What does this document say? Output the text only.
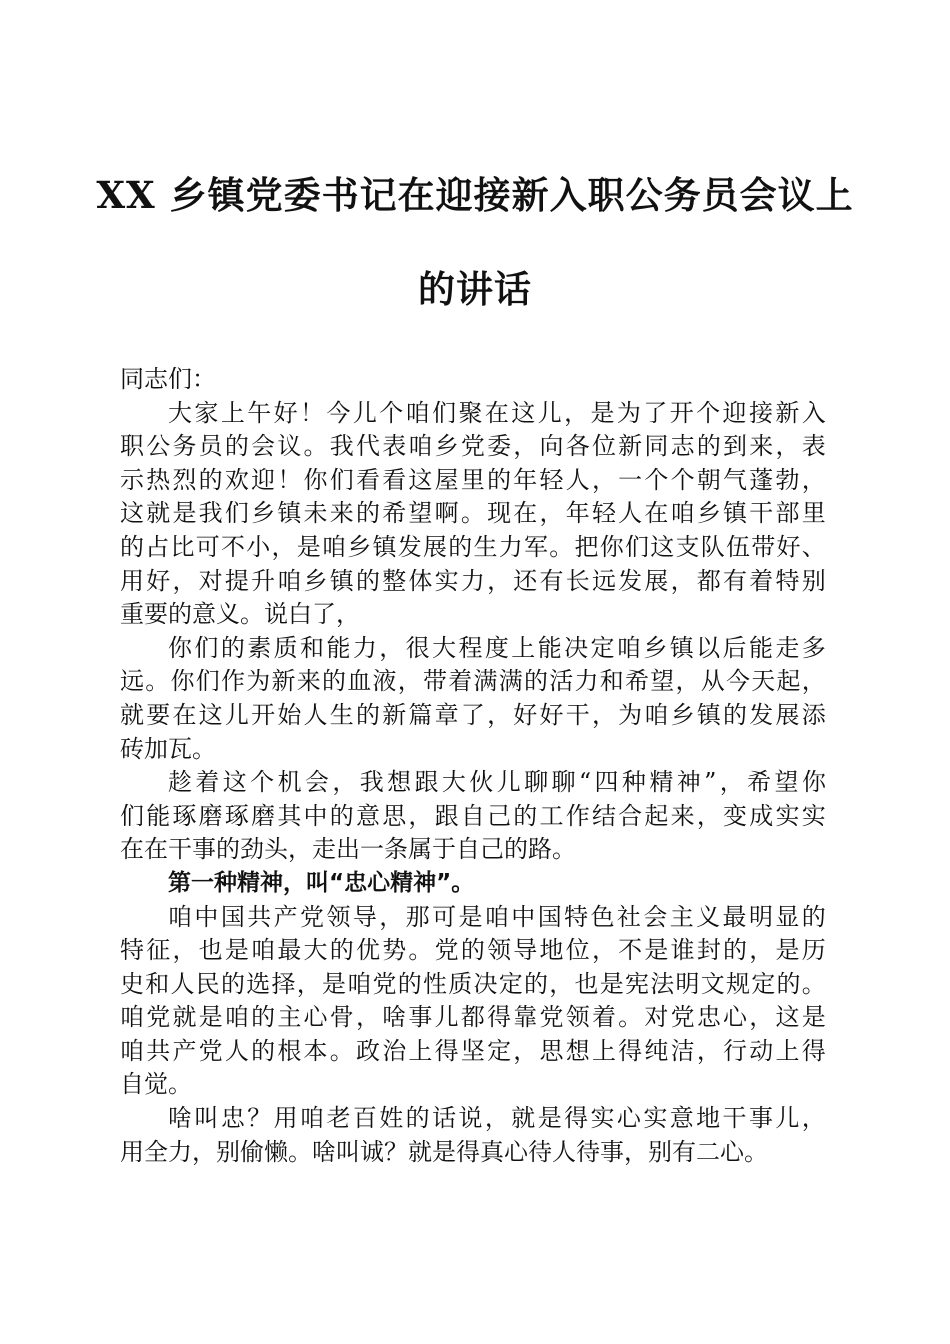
XX 乡镇党委书记在迎接新入职公务员会议上
的讲话
同志们：
大 家 上 午 好 ！ 今 儿 个 咱 们 聚 在 这 儿 ， 是 为 了 开 个 迎 接 新 入
职 公 务 员 的 会 议 。 我 代 表 咱 乡 党 委 ， 向 各 位 新 同 志 的 到 来 ， 表
示 热 烈 的 欢 迎 ！ 你 们 看 看 这 屋 里 的 年 轻 人 ， 一 个 个 朝 气 蓬 勃 ，
这 就 是 我 们 乡 镇 未 来 的 希 望 啊 。 现 在 ， 年 轻 人 在 咱 乡 镇 干 部 里
的 占 比 可 不 小 ， 是 咱 乡 镇 发 展 的 生 力 军 。 把 你 们 这 支 队 伍 带 好 、
用 好 ， 对 提 升 咱 乡 镇 的 整 体 实 力 ， 还 有 长 远 发 展 ， 都 有 着 特 别
重要的意义。说白了，
你 们 的 素 质 和 能 力 ， 很 大 程 度 上 能 决 定 咱 乡 镇 以 后 能 走 多
远 。 你 们 作 为 新 来 的 血 液 ， 带 着 满 满 的 活 力 和 希 望 ， 从 今 天 起 ，
就 要 在 这 儿 开 始 人 生 的 新 篇 章 了 ， 好 好 干 ， 为 咱 乡 镇 的 发 展 添
砖加瓦。
趁 着 这 个 机 会 ， 我 想 跟 大 伙 儿 聊 聊 “ 四 种 精 神 ” ， 希 望 你
们 能 琢 磨 琢 磨 其 中 的 意 思 ， 跟 自 己 的 工 作 结 合 起 来 ， 变 成 实 实
在在干事的劲头，走出一条属于自己的路。
第一种精神，叫“忠心精神”。
咱 中 国 共 产 党 领 导 ， 那 可 是 咱 中 国 特 色 社 会 主 义 最 明 显 的
特 征 ， 也 是 咱 最 大 的 优 势 。 党 的 领 导 地 位 ， 不 是 谁 封 的 ， 是 历
史 和 人 民 的 选 择 ， 是 咱 党 的 性 质 决 定 的 ， 也 是 宪 法 明 文 规 定 的 。
咱 党 就 是 咱 的 主 心 骨 ， 啥 事 儿 都 得 靠 党 领 着 。 对 党 忠 心 ， 这 是
咱 共 产 党 人 的 根 本 。 政 治 上 得 坚 定 ， 思 想 上 得 纯 洁 ， 行 动 上 得
自觉。
啥 叫 忠 ？ 用 咱 老 百 姓 的 话 说 ， 就 是 得 实 心 实 意 地 干 事 儿 ，
用全力，别偷懒。啥叫诚？就是得真心待人待事，别有二心。
